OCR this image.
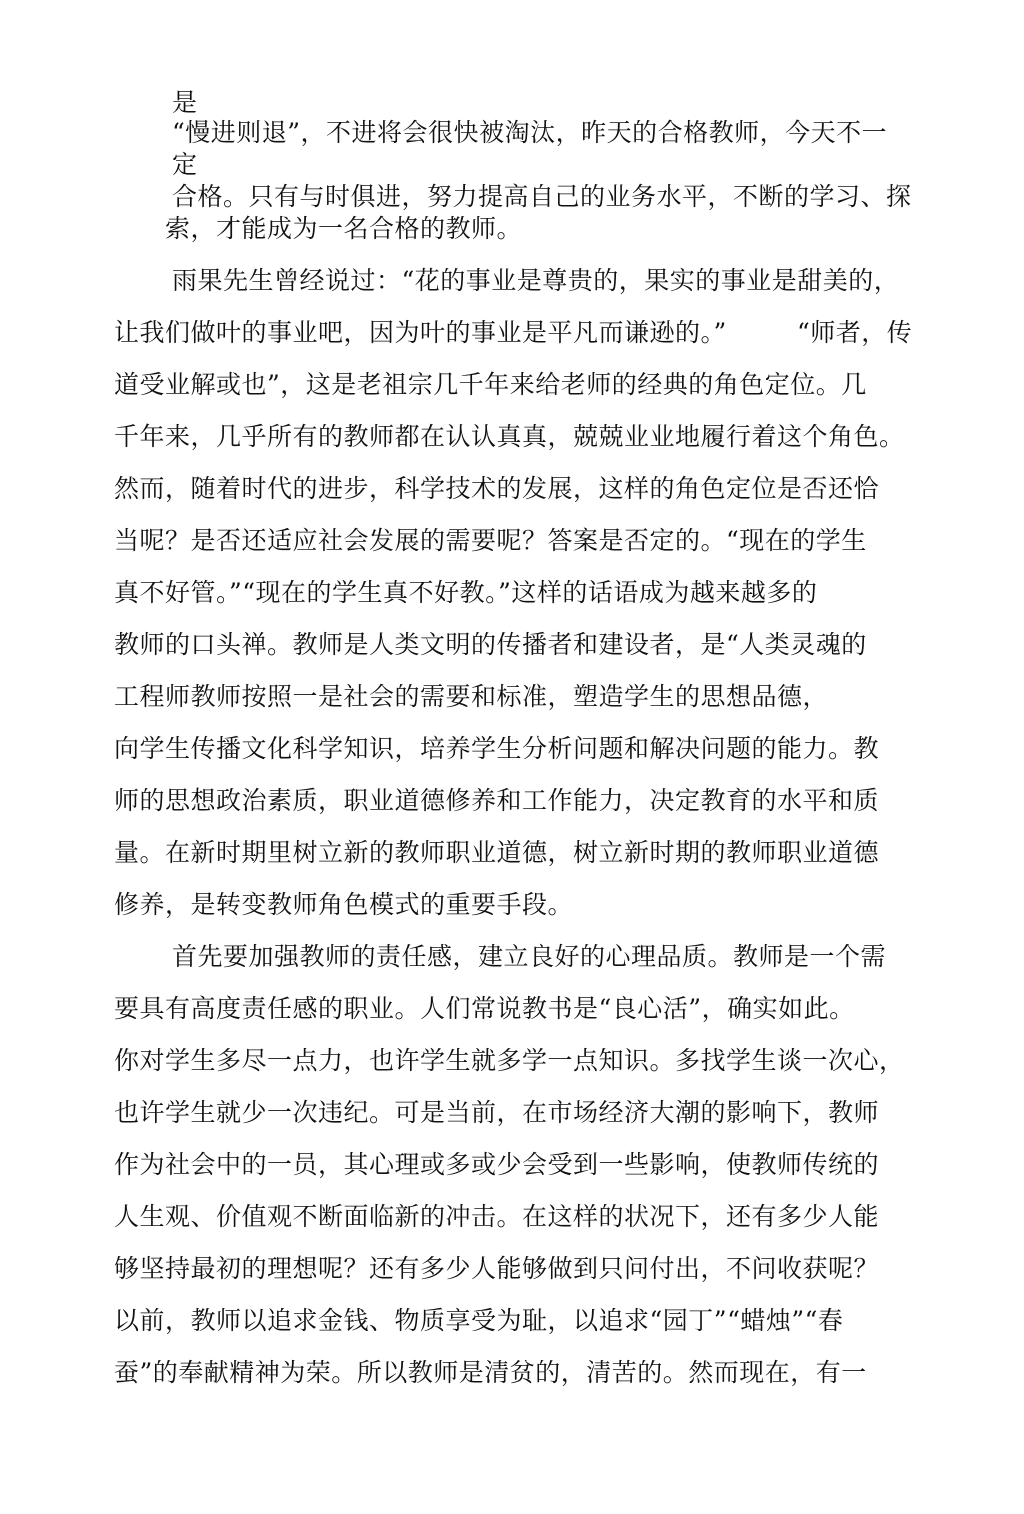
是
“慢进则退”，不进将会很快被淘汰，昨天的合格教师，今天不一
定
合格。只有与时俱进，努力提高自己的业务水平，不断的学习、探
索，才能成为一名合格的教师。
雨果先生曾经说过：“花的事业是尊贵的，果实的事业是甜美的，
让我们做叶的事业吧，因为叶的事业是平凡而谦逊的。”	“师者，传
道受业解或也”，这是老祖宗几千年来给老师的经典的角色定位。几
千年来，几乎所有的教师都在认认真真，兢兢业业地履行着这个角色。
然而，随着时代的进步，科学技术的发展，这样的角色定位是否还恰
当呢？是否还适应社会发展的需要呢？答案是否定的。“现在的学生
真不好管。”“现在的学生真不好教。”这样的话语成为越来越多的
教师的口头禅。教师是人类文明的传播者和建设者，是“人类灵魂的
工程师教师按照一是社会的需要和标准，塑造学生的思想品德，
向学生传播文化科学知识，培养学生分析问题和解决问题的能力。教
师的思想政治素质，职业道德修养和工作能力，决定教育的水平和质
量。在新时期里树立新的教师职业道德，树立新时期的教师职业道德
修养，是转变教师角色模式的重要手段。
首先要加强教师的责任感，建立良好的心理品质。教师是一个需
要具有高度责任感的职业。人们常说教书是“良心活”，确实如此。
你对学生多尽一点力，也许学生就多学一点知识。多找学生谈一次心，
也许学生就少一次违纪。可是当前，在市场经济大潮的影响下，教师
作为社会中的一员，其心理或多或少会受到一些影响，使教师传统的
人生观、价值观不断面临新的冲击。在这样的状况下，还有多少人能
够坚持最初的理想呢？还有多少人能够做到只问付出，不问收获呢？
以前，教师以追求金钱、物质享受为耻，以追求“园丁”“蜡烛”“春
蚕”的奉献精神为荣。所以教师是清贫的，清苦的。然而现在，有一
